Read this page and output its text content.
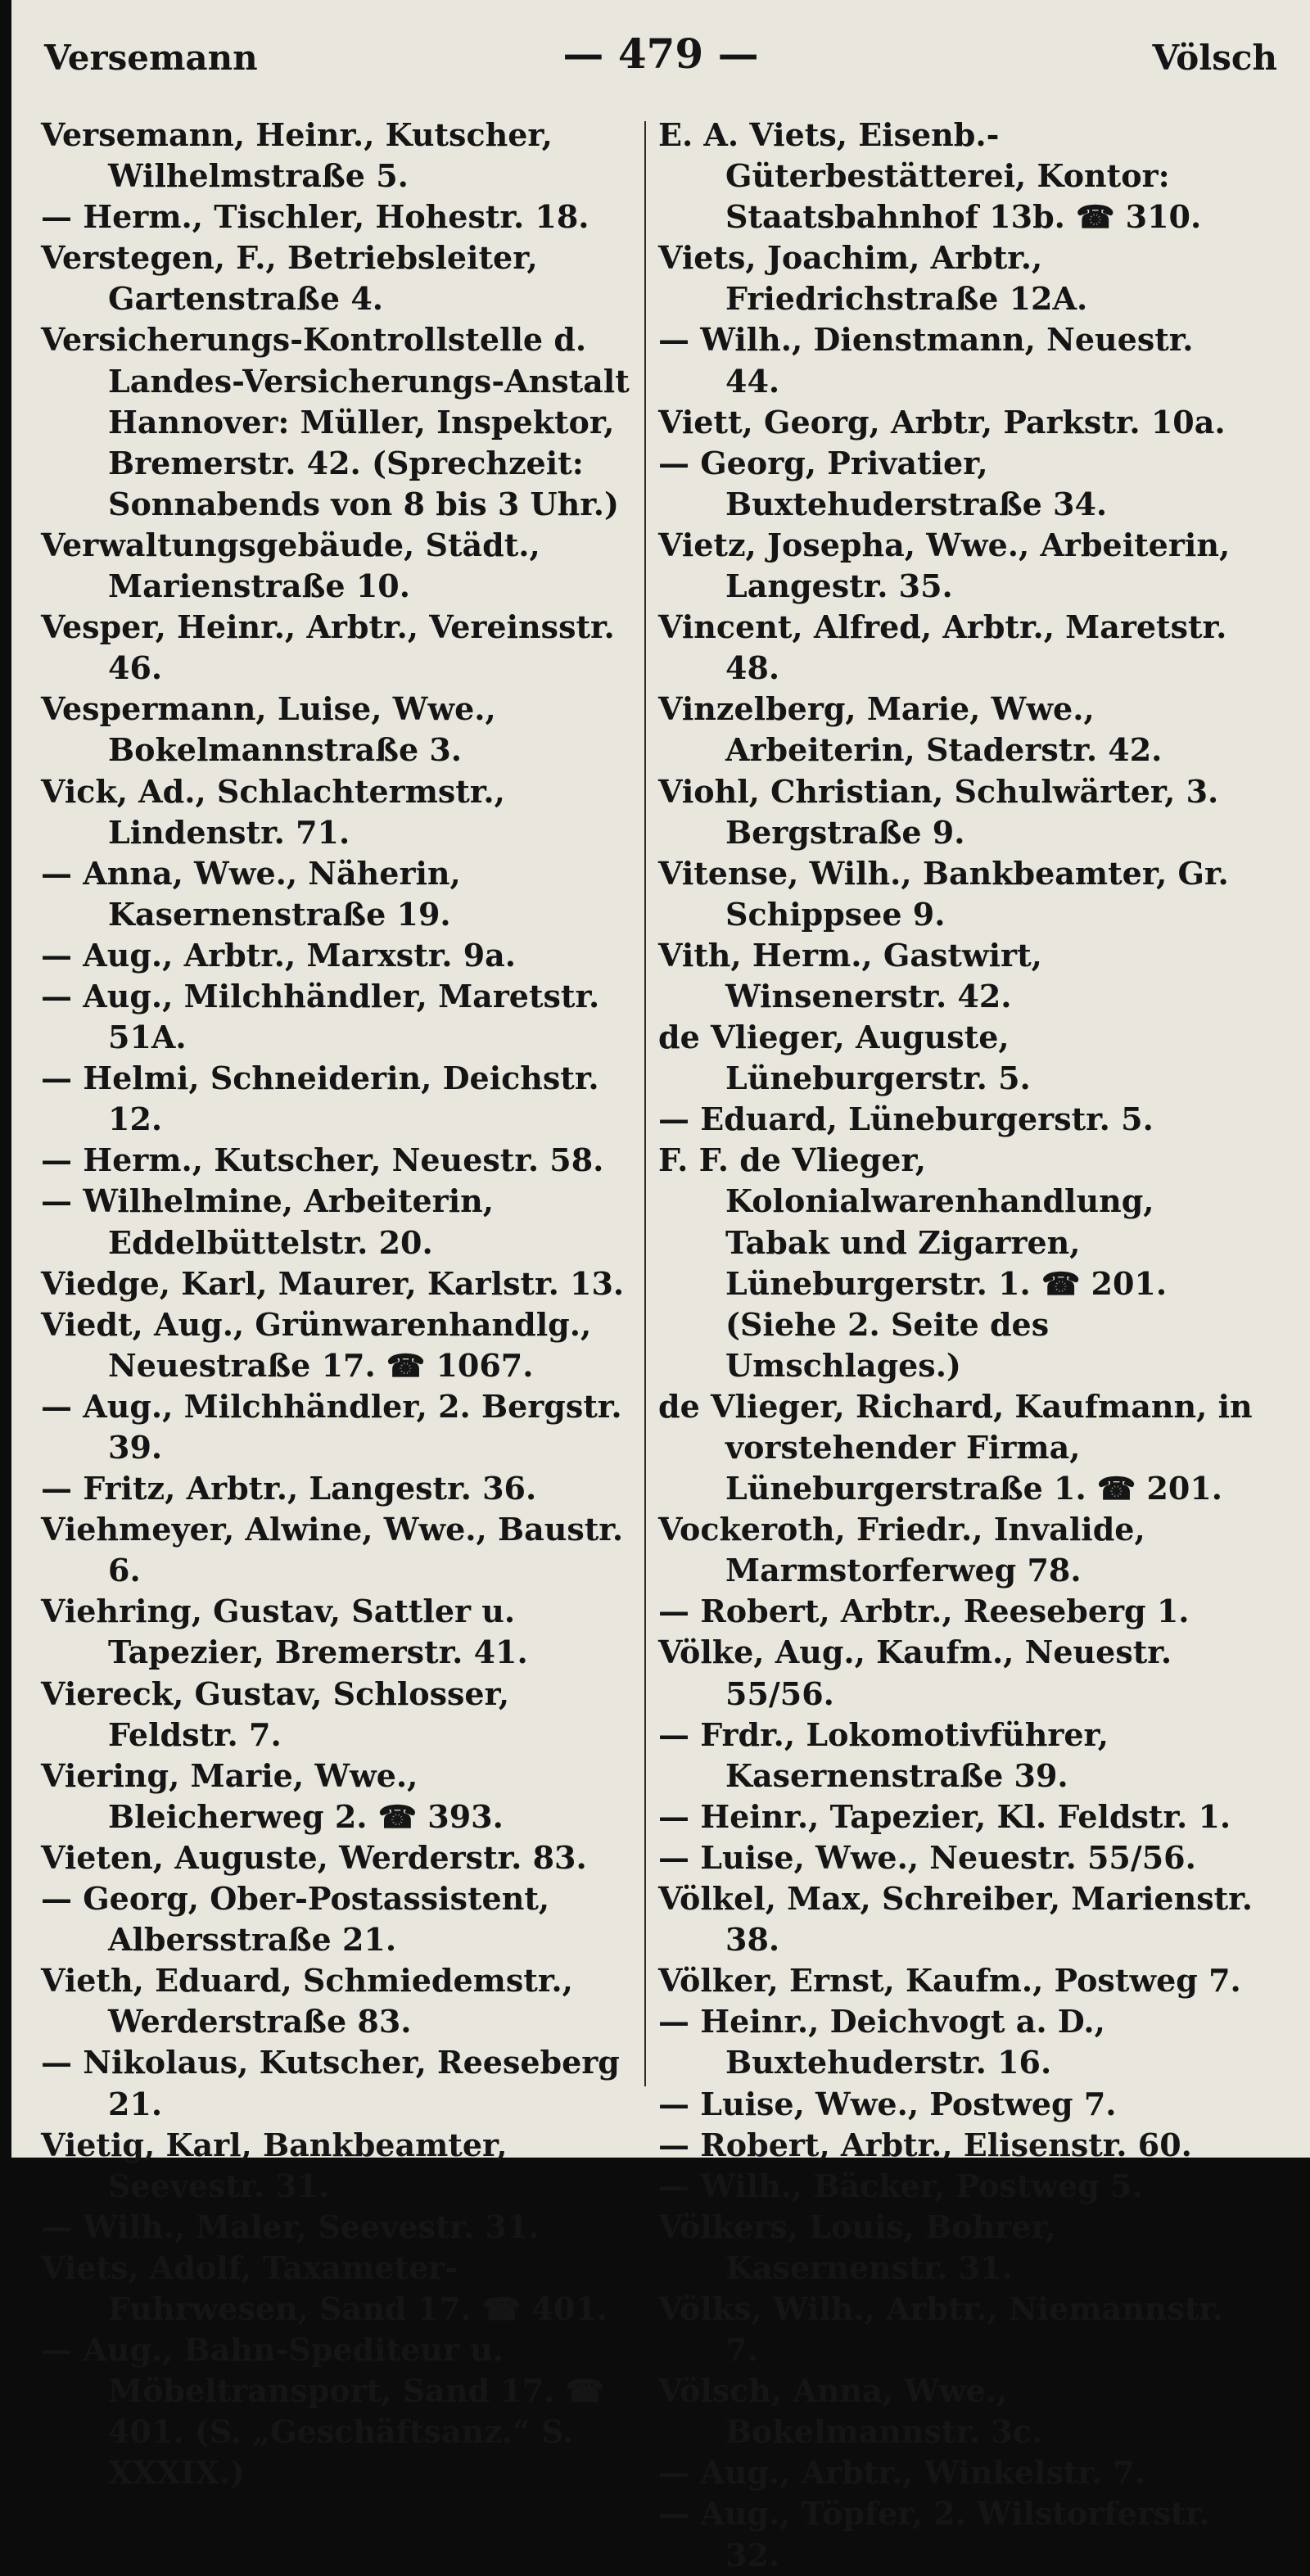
Versemann	— 479 —	Völsch

Versemann, Heinr., Kutscher, Wilhelmstraße 5.

— Herm., Tischler, Hohestr. 18.

Verstegen, F., Betriebsleiter, Gartenstraße 4.

Versicherungs-Kontrollstelle d. Landes-Versicherungs-Anstalt Hannover: Müller, Inspektor, Bremerstr. 42. (Sprechzeit: Sonnabends von 8 bis 3 Uhr.)

Verwaltungsgebäude, Städt., Marienstraße 10.

Vesper, Heinr., Arbtr., Vereinsstr. 46.

Vespermann, Luise, Wwe., Bokelmannstraße 3.

Vick, Ad., Schlachtermstr., Lindenstr. 71.

— Anna, Wwe., Näherin, Kasernenstraße 19.

— Aug., Arbtr., Marxstr. 9a.

— Aug., Milchhändler, Maretstr. 51A.

— Helmi, Schneiderin, Deichstr. 12.

— Herm., Kutscher, Neuestr. 58.

— Wilhelmine, Arbeiterin, Eddelbüttelstr. 20.

Viedge, Karl, Maurer, Karlstr. 13.

Viedt, Aug., Grünwarenhandlg., Neuestraße 17. ☎ 1067.

— Aug., Milchhändler, 2. Bergstr. 39.

— Fritz, Arbtr., Langestr. 36.

Viehmeyer, Alwine, Wwe., Baustr. 6.

Viehring, Gustav, Sattler u. Tapezier, Bremerstr. 41.

Viereck, Gustav, Schlosser, Feldstr. 7.

Viering, Marie, Wwe., Bleicherweg 2. ☎ 393.

Vieten, Auguste, Werderstr. 83.

— Georg, Ober-Postassistent, Albersstraße 21.

Vieth, Eduard, Schmiedemstr., Werderstraße 83.

— Nikolaus, Kutscher, Reeseberg 21.

Vietig, Karl, Bankbeamter, Seevestr. 31.

— Wilh., Maler, Seevestr. 31.

Viets, Adolf, Taxameter-Fuhrwesen, Sand 17. ☎ 401.

— Aug., Bahn-Spediteur u. Möbeltransport, Sand 17. ☎ 401. (S. „Geschäftsanz.“ S. XXXIX.)

E. A. Viets, Eisenb.-Güterbestätterei, Kontor: Staatsbahnhof 13b. ☎ 310.

Viets, Joachim, Arbtr., Friedrichstraße 12A.

— Wilh., Dienstmann, Neuestr. 44.

Viett, Georg, Arbtr, Parkstr. 10a.

— Georg, Privatier, Buxtehuderstraße 34.

Vietz, Josepha, Wwe., Arbeiterin, Langestr. 35.

Vincent, Alfred, Arbtr., Maretstr. 48.

Vinzelberg, Marie, Wwe., Arbeiterin, Staderstr. 42.

Viohl, Christian, Schulwärter, 3. Bergstraße 9.

Vitense, Wilh., Bankbeamter, Gr. Schippsee 9.

Vith, Herm., Gastwirt, Winsenerstr. 42.

de Vlieger, Auguste, Lüneburgerstr. 5.

— Eduard, Lüneburgerstr. 5.

F. F. de Vlieger, Kolonialwarenhandlung, Tabak und Zigarren, Lüneburgerstr. 1. ☎ 201. (Siehe 2. Seite des Umschlages.)

de Vlieger, Richard, Kaufmann, in vorstehender Firma, Lüneburgerstraße 1. ☎ 201.

Vockeroth, Friedr., Invalide, Marmstorferweg 78.

— Robert, Arbtr., Reeseberg 1.

Völke, Aug., Kaufm., Neuestr. 55/56.

— Frdr., Lokomotivführer, Kasernenstraße 39.

— Heinr., Tapezier, Kl. Feldstr. 1.

— Luise, Wwe., Neuestr. 55/56.

Völkel, Max, Schreiber, Marienstr. 38.

Völker, Ernst, Kaufm., Postweg 7.

— Heinr., Deichvogt a. D., Buxtehuderstr. 16.

— Luise, Wwe., Postweg 7.

— Robert, Arbtr., Elisenstr. 60.

— Wilh., Bäcker, Postweg 5.

Völkers, Louis, Bohrer, Kasernenstr. 31.

Völks, Wilh., Arbtr., Niemannstr. 7.

Völsch, Anna, Wwe., Bokelmannstr. 3c.

— Aug., Arbtr., Winkelstr. 7.

— Aug., Töpfer, 2. Wilstorferstr. 32.
